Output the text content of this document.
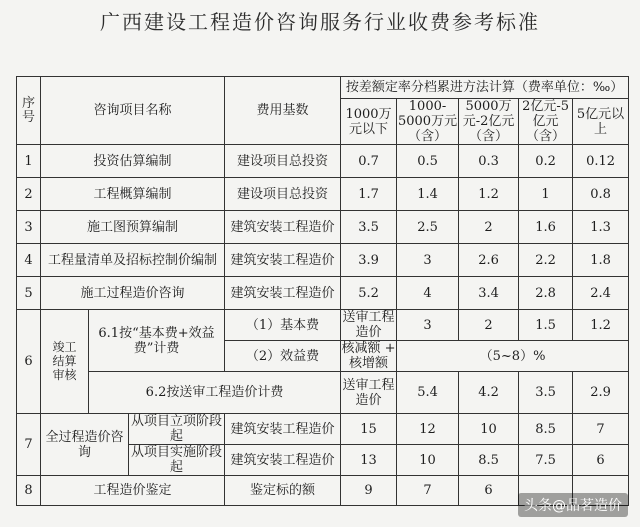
广西建设工程造价咨询服务行业收费参考标准
序号	咨询项目名称			费用基数	按差额定率分档累进方法计算（费率单位：‰）					
					1000万元以下	1000-5000万元（含）	5000万元-2亿元（含）	2亿元-5亿元（含）	5亿元以上	
1	投资估算编制			建设项目总投资	0.7	0.5	0.3	0.2	0.12	
2	工程概算编制			建设项目总投资	1.7	1.4	1.2	1	0.8	
3	施工图预算编制			建筑安装工程造价	3.5	2.5	2	1.6	1.3	
4	工程量清单及招标控制价编制			建筑安装工程造价	3.9	3	2.6	2.2	1.8	
5	施工过程造价咨询			建筑安装工程造价	5.2	4	3.4	2.8	2.4	
6	竣工结算审核	6.1按“基本费+效益费”计费		（1）基本费	送审工程造价	3	2	1.5	1.2	
				（2）效益费	核减额 + 核增额	（5~8）%				
		6.2按送审工程造价计费			送审工程造价	5.4	4.2	3.5	2.9	
7	全过程造价咨询		从项目立项阶段起	建筑安装工程造价	15	12	10	8.5	7	
			从项目实施阶段起	建筑安装工程造价	13	10	8.5	7.5	6	
8	工程造价鉴定			鉴定标的额	9	7	6			
头条@品茗造价
